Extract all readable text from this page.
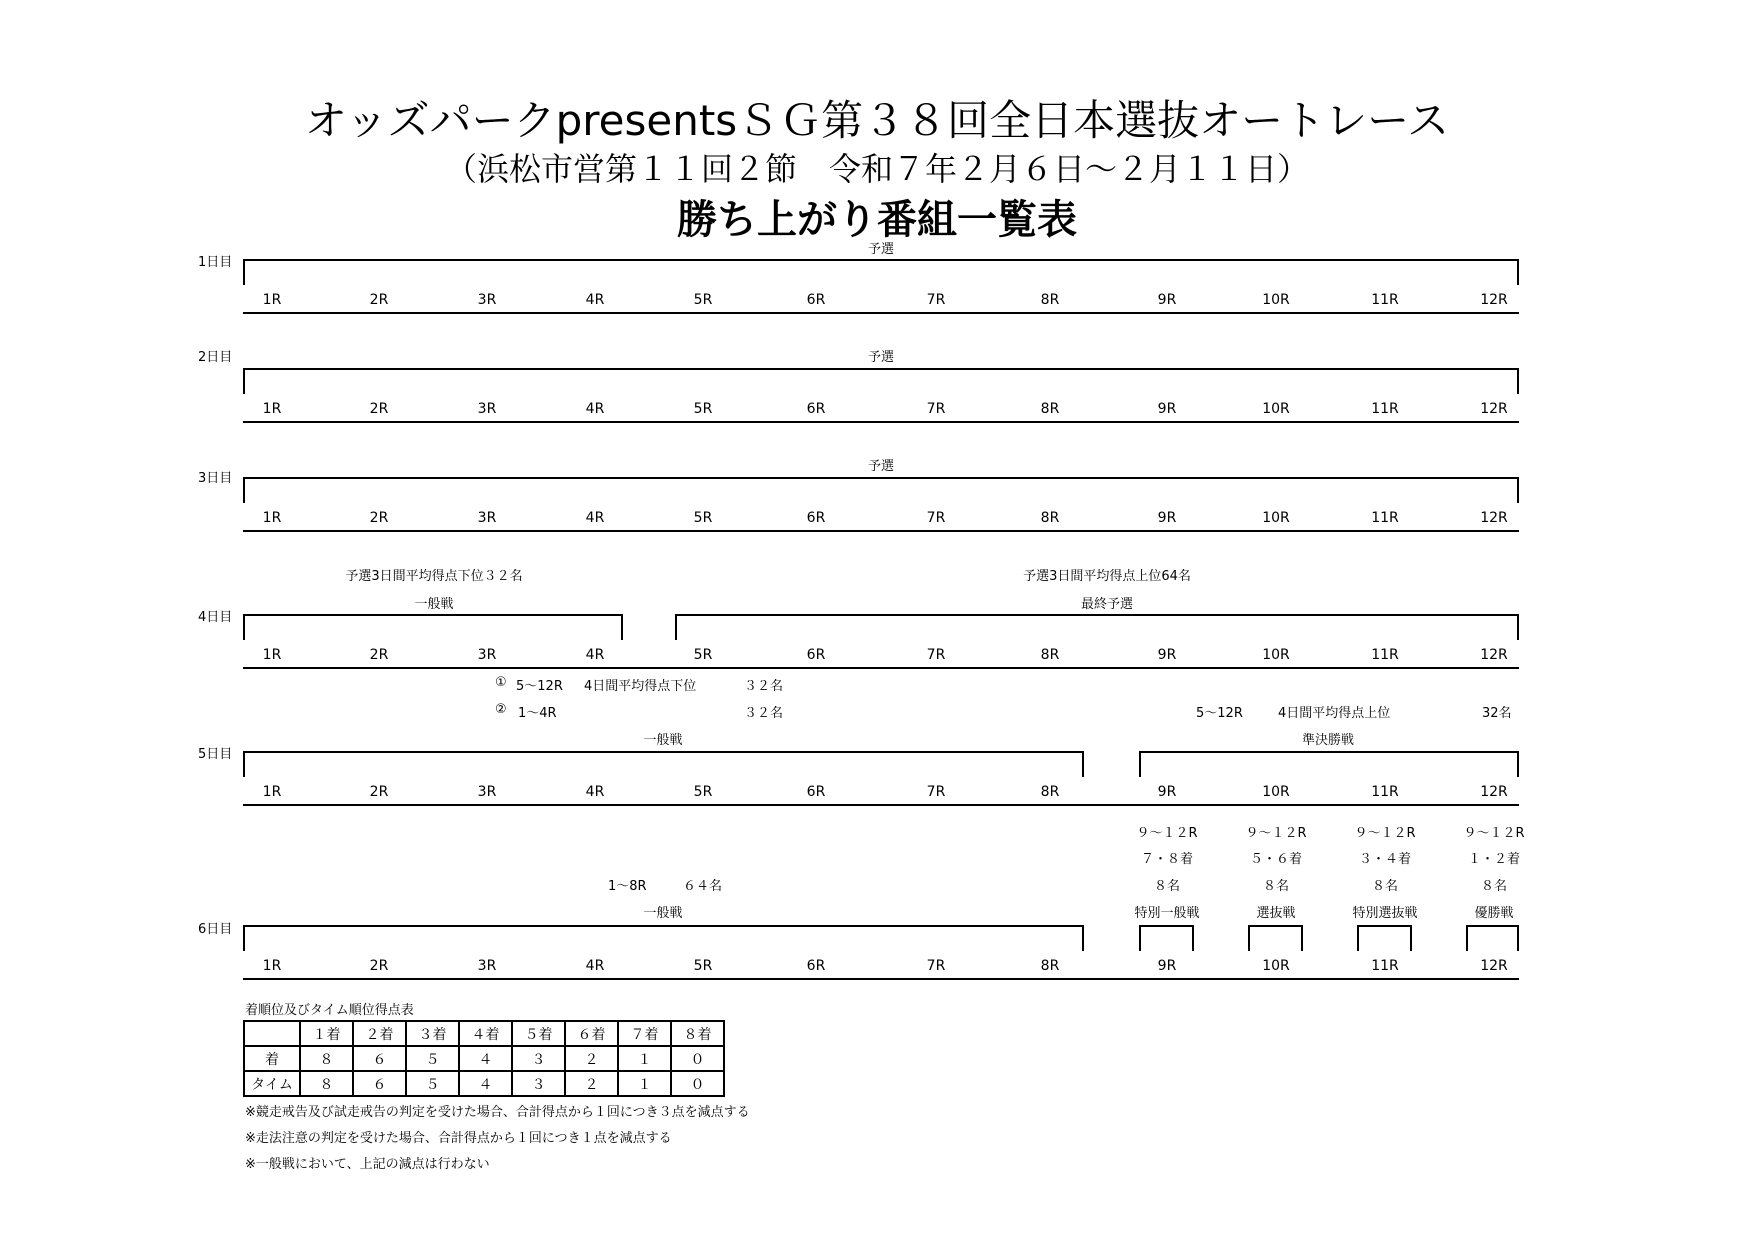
オッズパークpresentsＳＧ第３８回全日本選抜オートレース
（浜松市営第１１回２節　令和７年２月６日～２月１１日）
勝ち上がり番組一覧表
1日目
予選
1R	2R	3R	4R	5R	6R	7R	8R	9R	10R	11R	12R
2日目	予選
1R	2R	3R	4R	5R	6R	7R	8R	9R	10R	11R	12R
3日目
予選
1R	2R	3R	4R	5R	6R	7R	8R	9R	10R	11R	12R
4日目
予選3日間平均得点下位３２名
一般戦
予選3日間平均得点上位64名
最終予選
1R	2R	3R	4R	5R	6R	7R	8R	9R	10R	11R	12R
① 5～12R 4日間平均得点下位	３２名
② 1～4R	３２名	5～12R	4日間平均得点上位	32名
5日目
一般戦	準決勝戦
1R	2R	3R	4R	5R	6R	7R	8R	9R	10R	11R	12R
９～１２R
７・８着
８名
特別一般戦
９～１２R
５・６着
８名
選抜戦
９～１２R
３・４着
８名
特別選抜戦
９～１２R
１・２着
８名
優勝戦
1～8R	６４名
一般戦
6日目
1R	2R	3R	4R	5R	6R	7R	8R	9R	10R	11R	12R
着順位及びタイム順位得点表
	１着	２着	３着	４着	５着	６着	７着	８着
着	８	６	５	４	３	２	１	０
タイム	８	６	５	４	３	２	１	０
※競走戒告及び試走戒告の判定を受けた場合、合計得点から１回につき３点を減点する
※走法注意の判定を受けた場合、合計得点から１回につき１点を減点する
※一般戦において、上記の減点は行わない
